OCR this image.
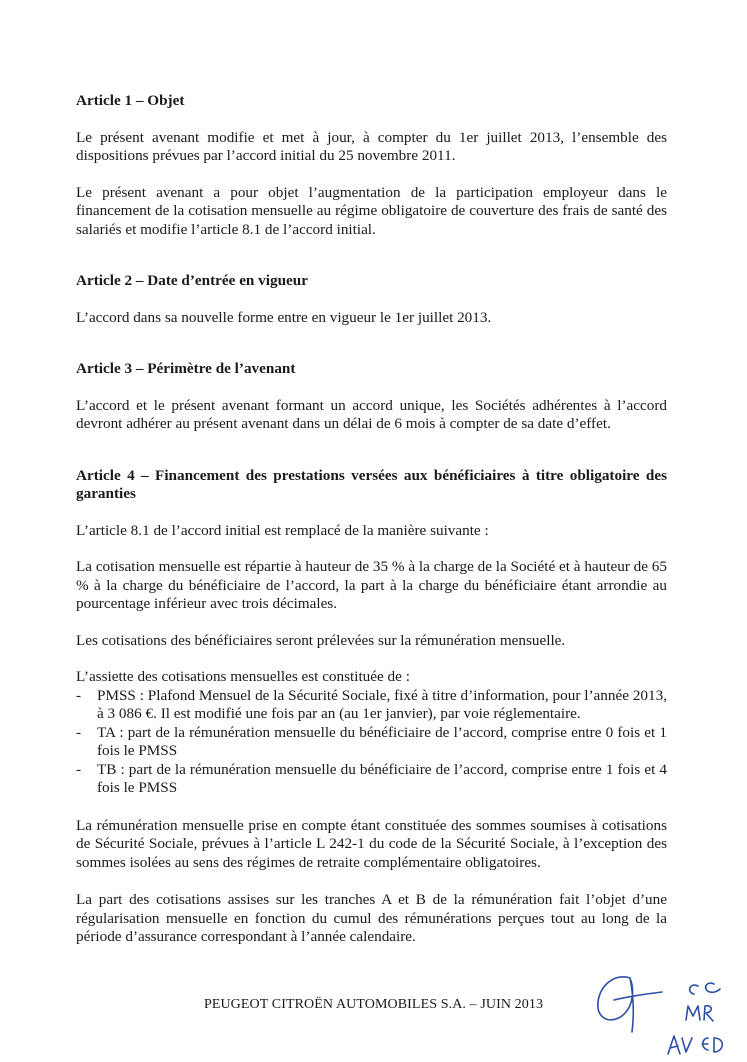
Article 1 – Objet

Le présent avenant modifie et met à jour, à compter du 1er juillet 2013, l’ensemble des dispositions prévues par l’accord initial du 25 novembre 2011.

Le présent avenant a pour objet l’augmentation de la participation employeur dans le financement de la cotisation mensuelle au régime obligatoire de couverture des frais de santé des salariés et modifie l’article 8.1 de l’accord initial.

Article 2 – Date d’entrée en vigueur

L’accord dans sa nouvelle forme entre en vigueur le 1er juillet 2013.

Article 3 – Périmètre de l’avenant

L’accord et le présent avenant formant un accord unique, les Sociétés adhérentes à l’accord devront adhérer au présent avenant dans un délai de 6 mois à compter de sa date d’effet.

Article 4 – Financement des prestations versées aux bénéficiaires à titre obligatoire des garanties

L’article 8.1 de l’accord initial est remplacé de la manière suivante :

La cotisation mensuelle est répartie à hauteur de 35 % à la charge de la Société et à hauteur de 65 % à la charge du bénéficiaire de l’accord, la part à la charge du bénéficiaire étant arrondie au pourcentage inférieur avec trois décimales.

Les cotisations des bénéficiaires seront prélevées sur la rémunération mensuelle.

L’assiette des cotisations mensuelles est constituée de :

- PMSS : Plafond Mensuel de la Sécurité Sociale, fixé à titre d’information, pour l’année 2013, à 3 086 €. Il est modifié une fois par an (au 1er janvier), par voie réglementaire.
- TA : part de la rémunération mensuelle du bénéficiaire de l’accord, comprise entre 0 fois et 1 fois le PMSS
- TB : part de la rémunération mensuelle du bénéficiaire de l’accord, comprise entre 1 fois et 4 fois le PMSS

La rémunération mensuelle prise en compte étant constituée des sommes soumises à cotisations de Sécurité Sociale, prévues à l’article L 242-1 du code de la Sécurité Sociale, à l’exception des sommes isolées au sens des régimes de retraite complémentaire obligatoires.

La part des cotisations assises sur les tranches A et B de la rémunération fait l’objet d’une régularisation mensuelle en fonction du cumul des rémunérations perçues tout au long de la période d’assurance correspondant à l’année calendaire.

PEUGEOT CITROËN AUTOMOBILES S.A. – JUIN 2013
